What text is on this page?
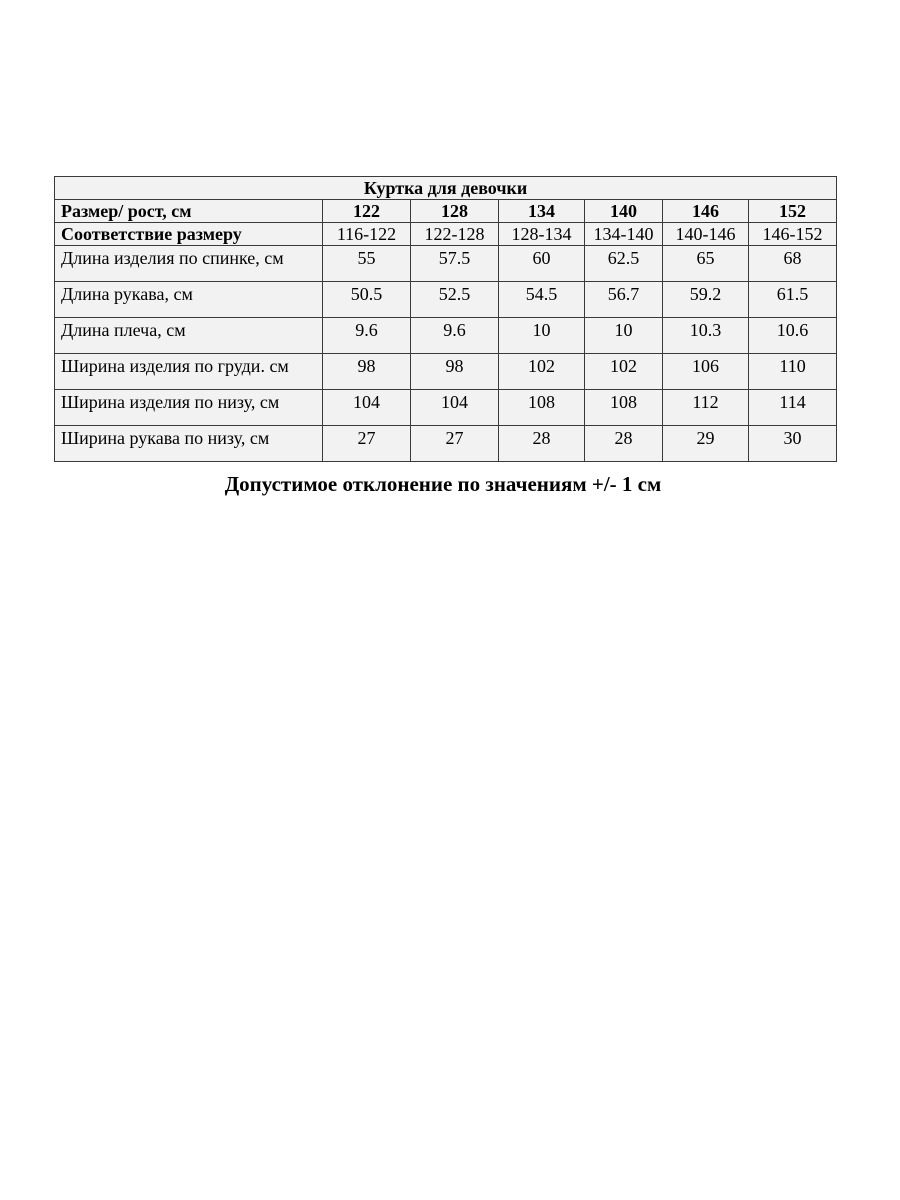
Куртка для девочки						
Размер/ рост, см	122	128	134	140	146	152
Соответствие размеру	116-122	122-128	128-134	134-140	140-146	146-152
Длина изделия по спинке, см	55	57.5	60	62.5	65	68
Длина рукава, см	50.5	52.5	54.5	56.7	59.2	61.5
Длина плеча, см	9.6	9.6	10	10	10.3	10.6
Ширина изделия по груди. см	98	98	102	102	106	110
Ширина изделия по низу, см	104	104	108	108	112	114
Ширина рукава по низу, см	27	27	28	28	29	30
Допустимое отклонение по значениям +/- 1 см
